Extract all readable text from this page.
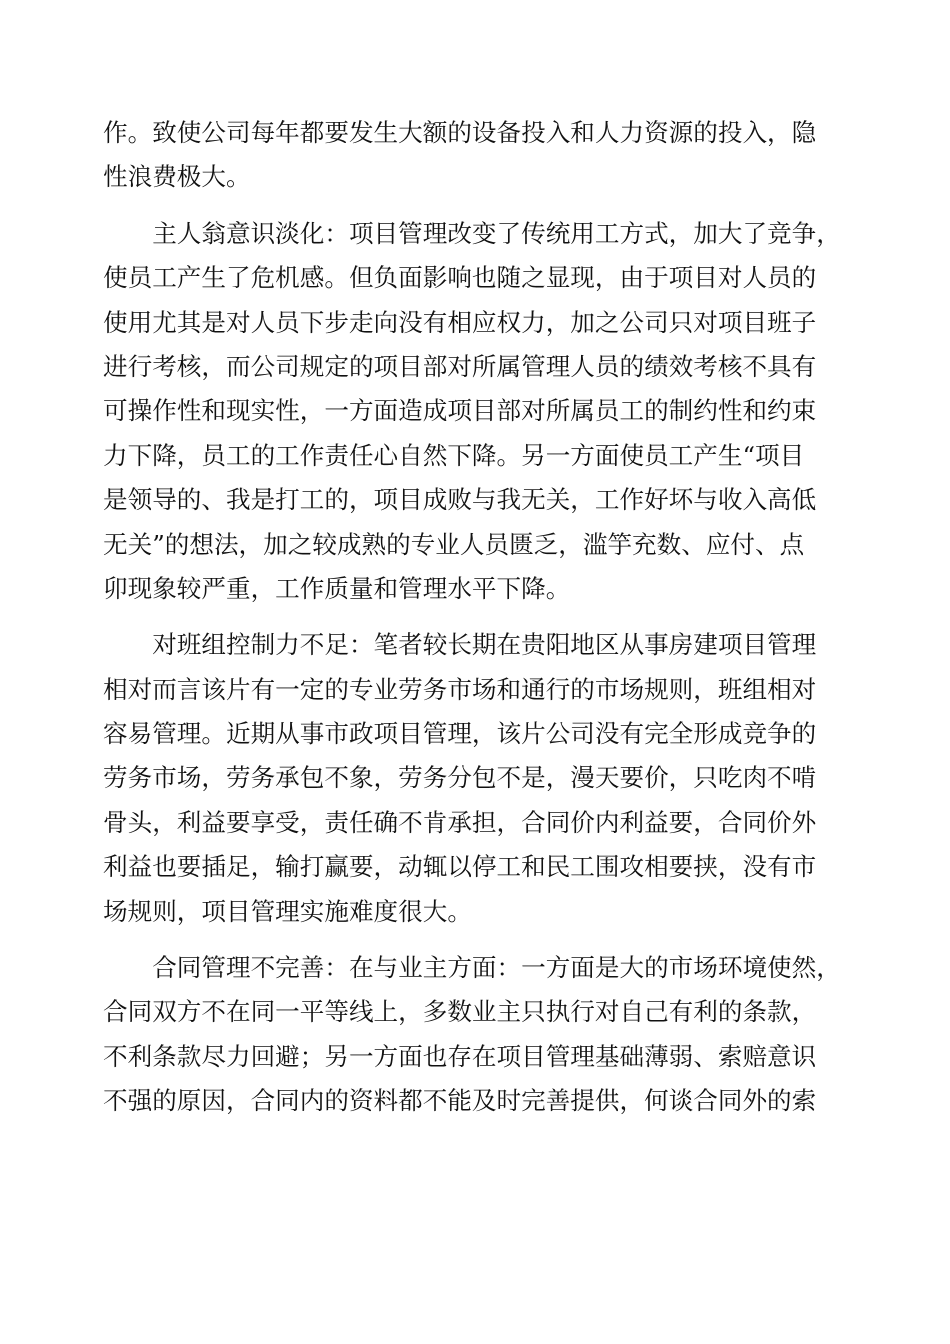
作。致使公司每年都要发生大额的设备投入和人力资源的投入，隐
性浪费极大。

主人翁意识淡化：项目管理改变了传统用工方式，加大了竞争，
使员工产生了危机感。但负面影响也随之显现，由于项目对人员的
使用尤其是对人员下步走向没有相应权力，加之公司只对项目班子
进行考核，而公司规定的项目部对所属管理人员的绩效考核不具有
可操作性和现实性，一方面造成项目部对所属员工的制约性和约束
力下降，员工的工作责任心自然下降。另一方面使员工产生“项目
是领导的、我是打工的，项目成败与我无关，工作好坏与收入高低
无关”的想法，加之较成熟的专业人员匮乏，滥竽充数、应付、点
卯现象较严重，工作质量和管理水平下降。

对班组控制力不足：笔者较长期在贵阳地区从事房建项目管理
相对而言该片有一定的专业劳务市场和通行的市场规则，班组相对
容易管理。近期从事市政项目管理，该片公司没有完全形成竞争的
劳务市场，劳务承包不象，劳务分包不是，漫天要价，只吃肉不啃
骨头，利益要享受，责任确不肯承担，合同价内利益要，合同价外
利益也要插足，输打赢要，动辄以停工和民工围攻相要挟，没有市
场规则，项目管理实施难度很大。

合同管理不完善：在与业主方面：一方面是大的市场环境使然，
合同双方不在同一平等线上，多数业主只执行对自己有利的条款，
不利条款尽力回避；另一方面也存在项目管理基础薄弱、索赔意识
不强的原因，合同内的资料都不能及时完善提供，何谈合同外的索
